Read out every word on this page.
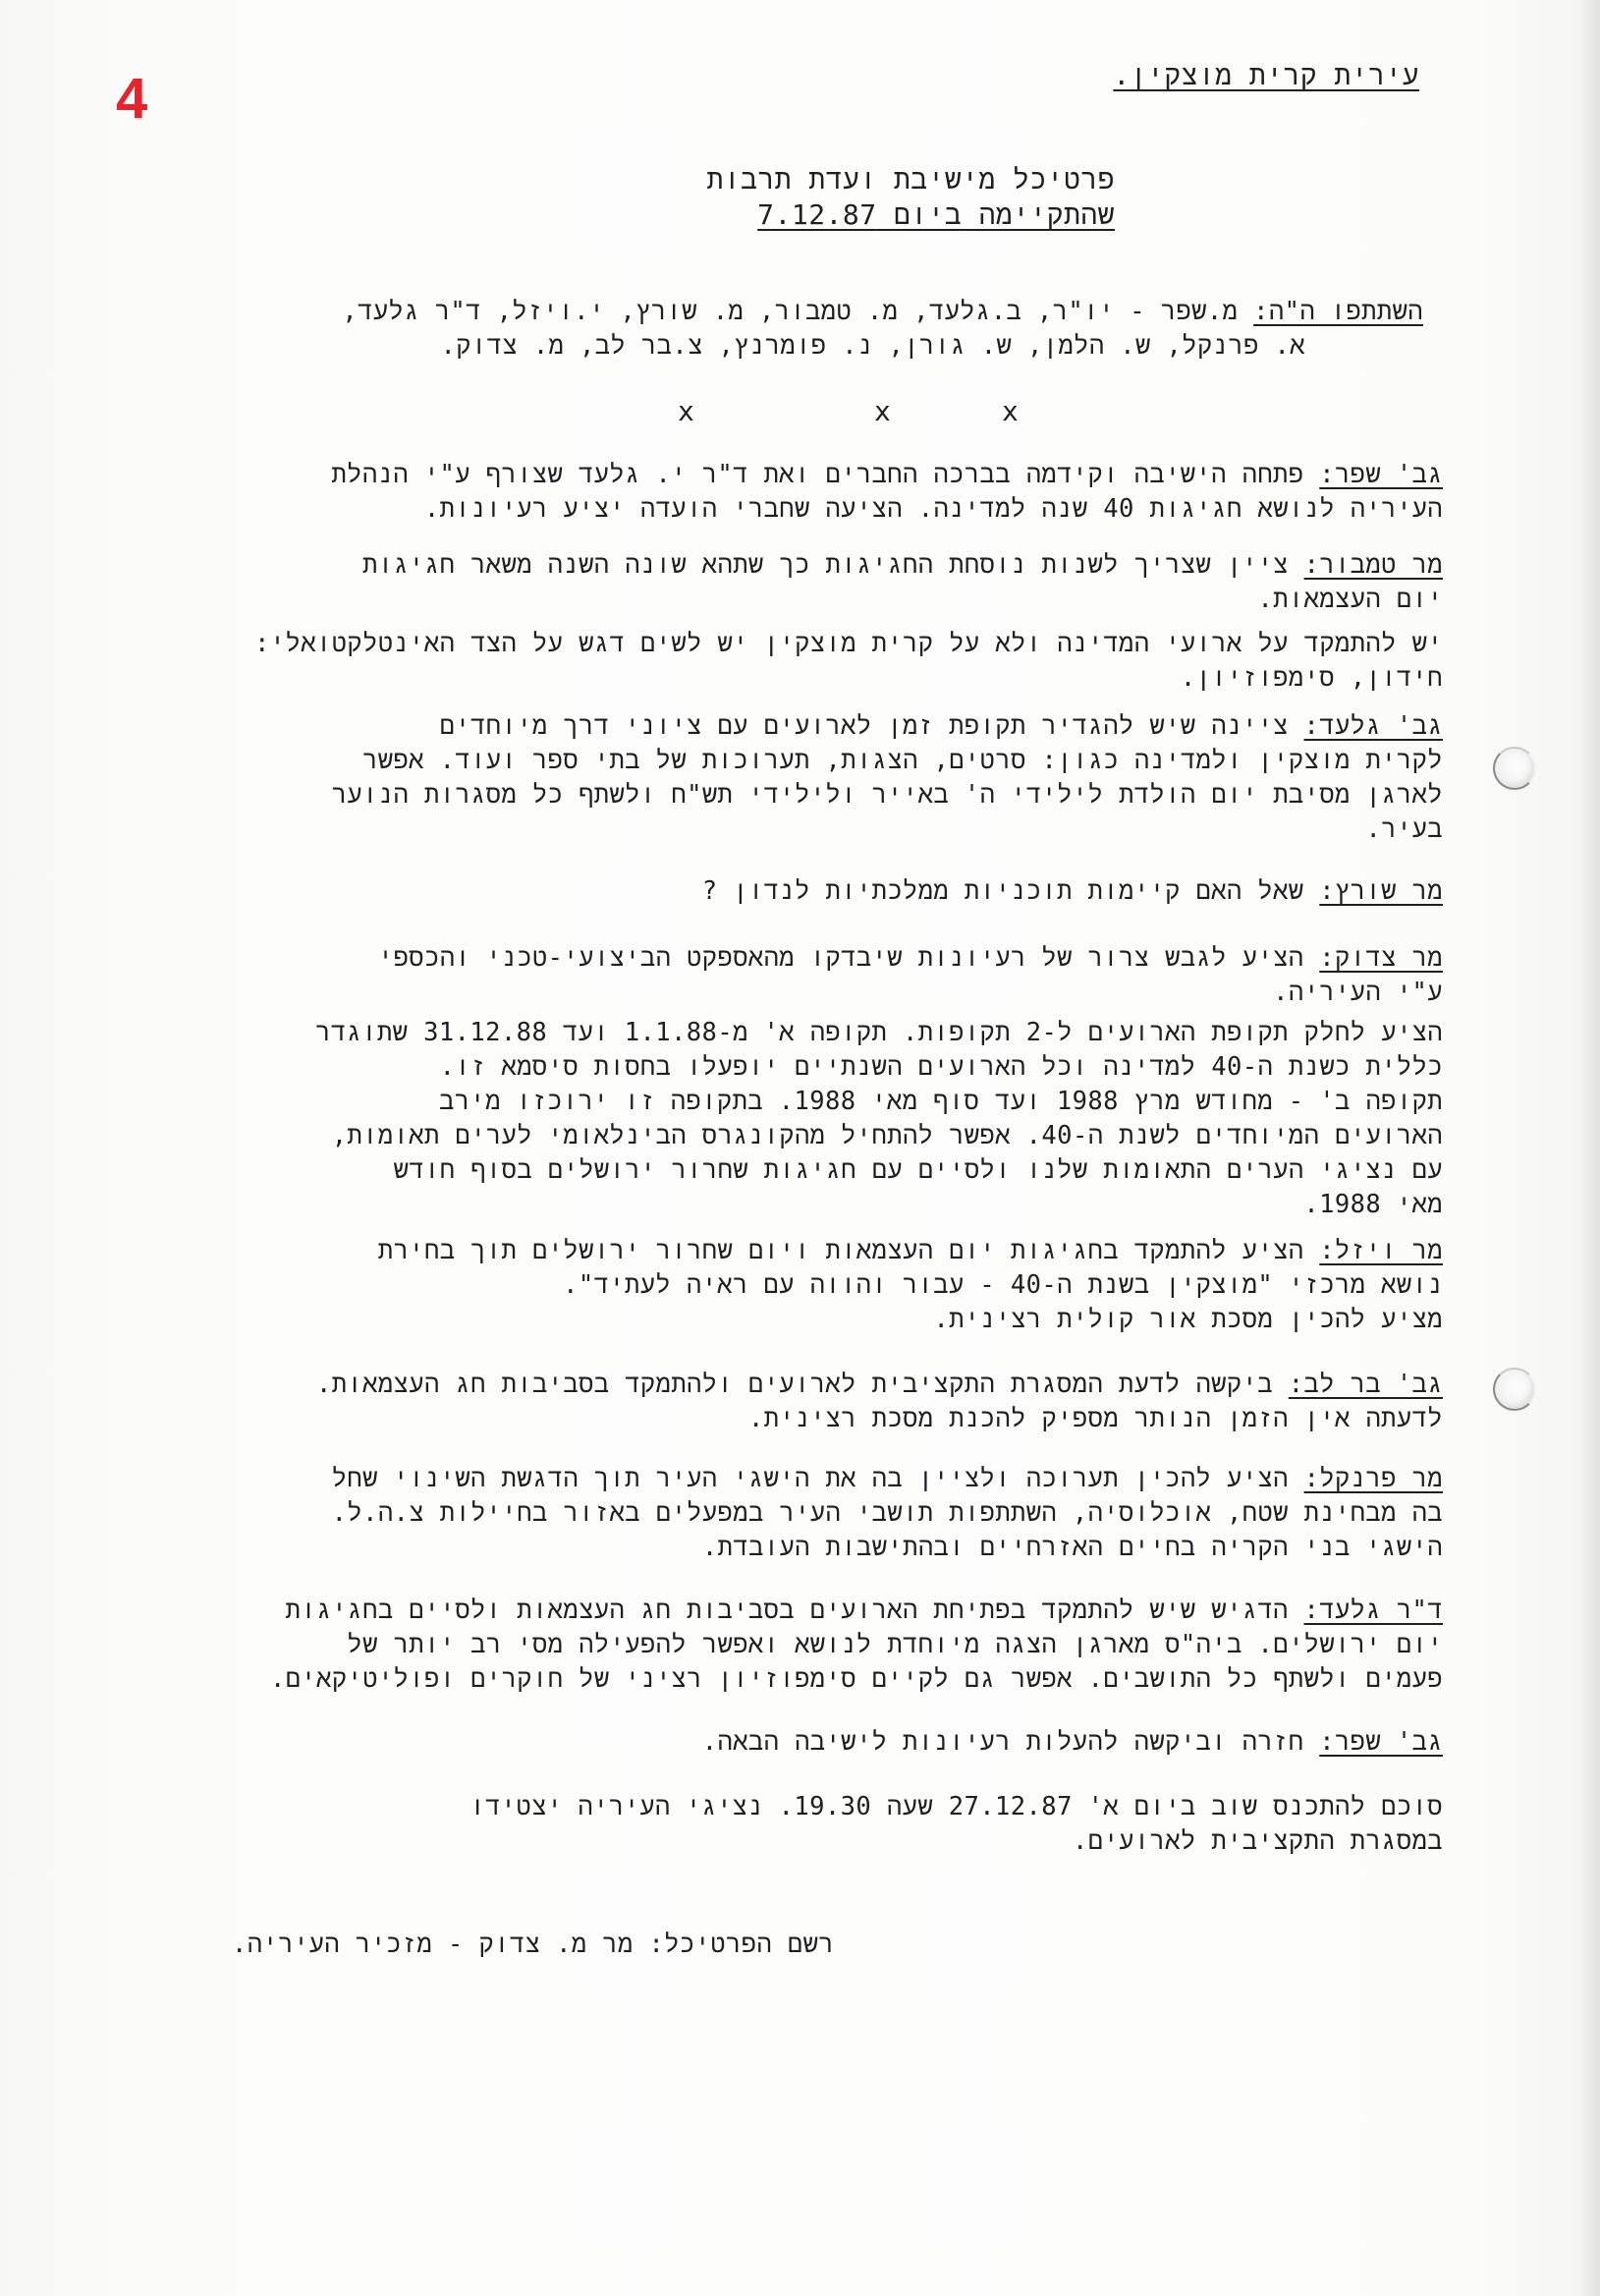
4	עירית קרית מוצקין.
פרטיכל מישיבת ועדת תרבות
שהתקיימה ביום 7.12.87
השתתפו ה"ה: מ.שפר - יו"ר, ב.גלעד, מ. טמבור, מ. שורץ, י.ויזל, ד"ר גלעד,
א. פרנקל, ש. הלמן, ש. גורן, נ. פומרנץ, צ.בר לב, מ. צדוק.
x	x	x
גב' שפר: פתחה הישיבה וקידמה בברכה החברים ואת ד"ר י. גלעד שצורף ע"י הנהלת
העיריה לנושא חגיגות 40 שנה למדינה. הציעה שחברי הועדה יציע רעיונות.
מר טמבור: ציין שצריך לשנות נוסחת החגיגות כך שתהא שונה השנה משאר חגיגות
יום העצמאות.
יש להתמקד על ארועי המדינה ולא על קרית מוצקין יש לשים דגש על הצד האינטלקטואלי:
חידון, סימפוזיון.
גב' גלעד: ציינה שיש להגדיר תקופת זמן לארועים עם ציוני דרך מיוחדים
לקרית מוצקין ולמדינה כגון: סרטים, הצגות, תערוכות של בתי ספר ועוד. אפשר
לארגן מסיבת יום הולדת לילידי ה' באייר ולילידי תש"ח ולשתף כל מסגרות הנוער
בעיר.
מר שורץ: שאל האם קיימות תוכניות ממלכתיות לנדון ?
מר צדוק: הציע לגבש צרור של רעיונות שיבדקו מהאספקט הביצועי-טכני והכספי
ע"י העיריה.
הציע לחלק תקופת הארועים ל-2 תקופות. תקופה א' מ-1.1.88 ועד 31.12.88 שתוגדר
כללית כשנת ה-40 למדינה וכל הארועים השנתיים יופעלו בחסות סיסמא זו.
תקופה ב' - מחודש מרץ 1988 ועד סוף מאי 1988. בתקופה זו ירוכזו מירב
הארועים המיוחדים לשנת ה-40. אפשר להתחיל מהקונגרס הבינלאומי לערים תאומות,
עם נציגי הערים התאומות שלנו ולסיים עם חגיגות שחרור ירושלים בסוף חודש
מאי 1988.
מר ויזל: הציע להתמקד בחגיגות יום העצמאות ויום שחרור ירושלים תוך בחירת
נושא מרכזי "מוצקין בשנת ה-40 - עבור והווה עם ראיה לעתיד".
מציע להכין מסכת אור קולית רצינית.
גב' בר לב: ביקשה לדעת המסגרת התקציבית לארועים ולהתמקד בסביבות חג העצמאות.
לדעתה אין הזמן הנותר מספיק להכנת מסכת רצינית.
מר פרנקל: הציע להכין תערוכה ולציין בה את הישגי העיר תוך הדגשת השינוי שחל
בה מבחינת שטח, אוכלוסיה, השתתפות תושבי העיר במפעלים באזור בחיילות צ.ה.ל.
הישגי בני הקריה בחיים האזרחיים ובהתישבות העובדת.
ד"ר גלעד: הדגיש שיש להתמקד בפתיחת הארועים בסביבות חג העצמאות ולסיים בחגיגות
יום ירושלים. ביה"ס מארגן הצגה מיוחדת לנושא ואפשר להפעילה מסי רב יותר של
פעמים ולשתף כל התושבים. אפשר גם לקיים סימפוזיון רציני של חוקרים ופוליטיקאים.
גב' שפר: חזרה וביקשה להעלות רעיונות לישיבה הבאה.
סוכם להתכנס שוב ביום א' 27.12.87 שעה 19.30. נציגי העיריה יצטידו
במסגרת התקציבית לארועים.
רשם הפרטיכל: מר מ. צדוק - מזכיר העיריה.
